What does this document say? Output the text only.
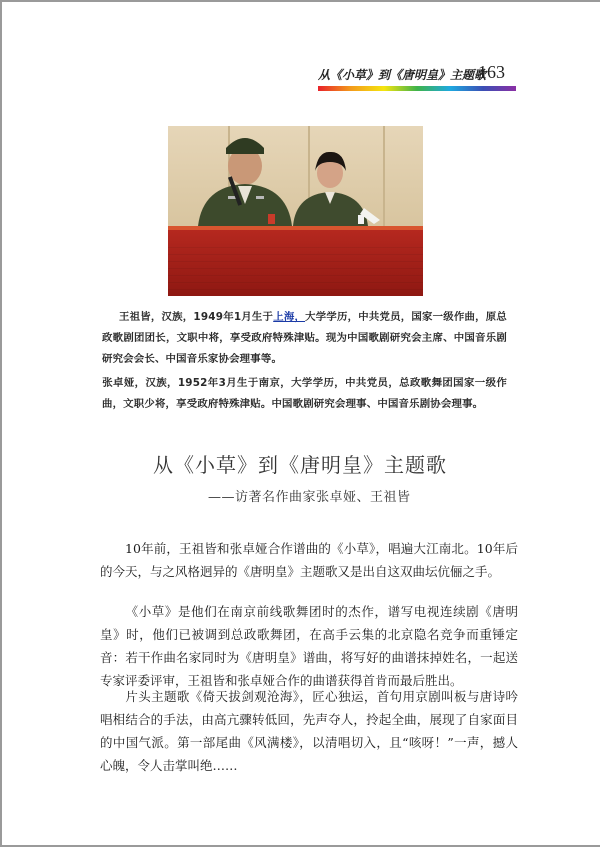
从《小草》到《唐明皇》主题歌
163
王祖皆，汉族，1949年1月生于上海，大学学历，中共党员，国家一级作曲，原总政歌剧团团长，文职中将，享受政府特殊津贴。现为中国歌剧研究会主席、中国音乐剧研究会会长、中国音乐家协会理事等。
张卓娅，汉族，1952年3月生于南京，大学学历，中共党员，总政歌舞团国家一级作曲，文职少将，享受政府特殊津贴。中国歌剧研究会理事、中国音乐剧协会理事。
从《小草》到《唐明皇》主题歌
——访著名作曲家张卓娅、王祖皆
10年前，王祖皆和张卓娅合作谱曲的《小草》，唱遍大江南北。10年后的今天，与之风格迥异的《唐明皇》主题歌又是出自这双曲坛伉俪之手。
《小草》是他们在南京前线歌舞团时的杰作，谱写电视连续剧《唐明皇》时，他们已被调到总政歌舞团，在高手云集的北京隐名竞争而重锤定音：若干作曲名家同时为《唐明皇》谱曲，将写好的曲谱抹掉姓名，一起送专家评委评审，王祖皆和张卓娅合作的曲谱获得首肯而最后胜出。
片头主题歌《倚天拔剑观沧海》，匠心独运，首句用京剧叫板与唐诗吟唱相结合的手法，由高亢骤转低回，先声夺人，拎起全曲，展现了自家面目的中国气派。第一部尾曲《风满楼》，以清唱切入，且“咳呀！”一声，撼人心魄，令人击掌叫绝……
